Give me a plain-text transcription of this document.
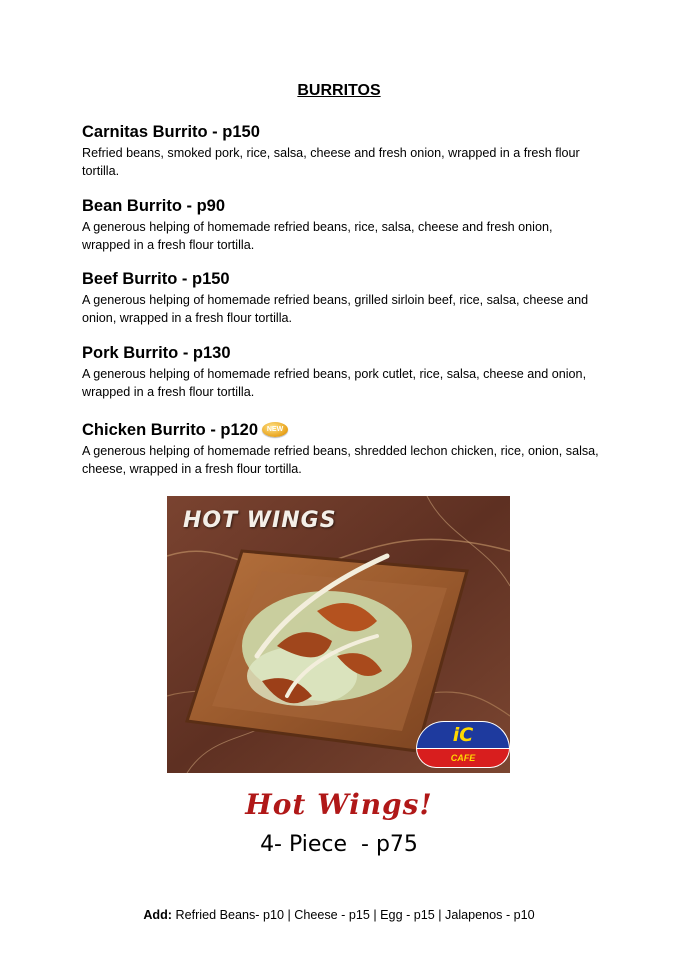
BURRITOS
Carnitas Burrito - p150

Refried beans, smoked pork, rice, salsa, cheese and fresh onion, wrapped in a fresh flour tortilla.

Bean Burrito - p90

A generous helping of homemade refried beans, rice, salsa, cheese and fresh onion, wrapped in a fresh flour tortilla.

Beef Burrito - p150

A generous helping of homemade refried beans, grilled sirloin beef, rice, salsa, cheese and onion, wrapped in a fresh flour tortilla.

Pork Burrito - p130

A generous helping of homemade refried beans, pork cutlet, rice, salsa, cheese and onion, wrapped in a fresh flour tortilla.

Chicken Burrito - p120 NEW

A generous helping of homemade refried beans, shredded lechon chicken, rice, onion, salsa, cheese, wrapped in a fresh flour tortilla.

HOT WINGS
iC
CAFE
Hot Wings!
4- Piece  - p75
Add: Refried Beans- p10 | Cheese - p15 | Egg - p15 | Jalapenos - p10
